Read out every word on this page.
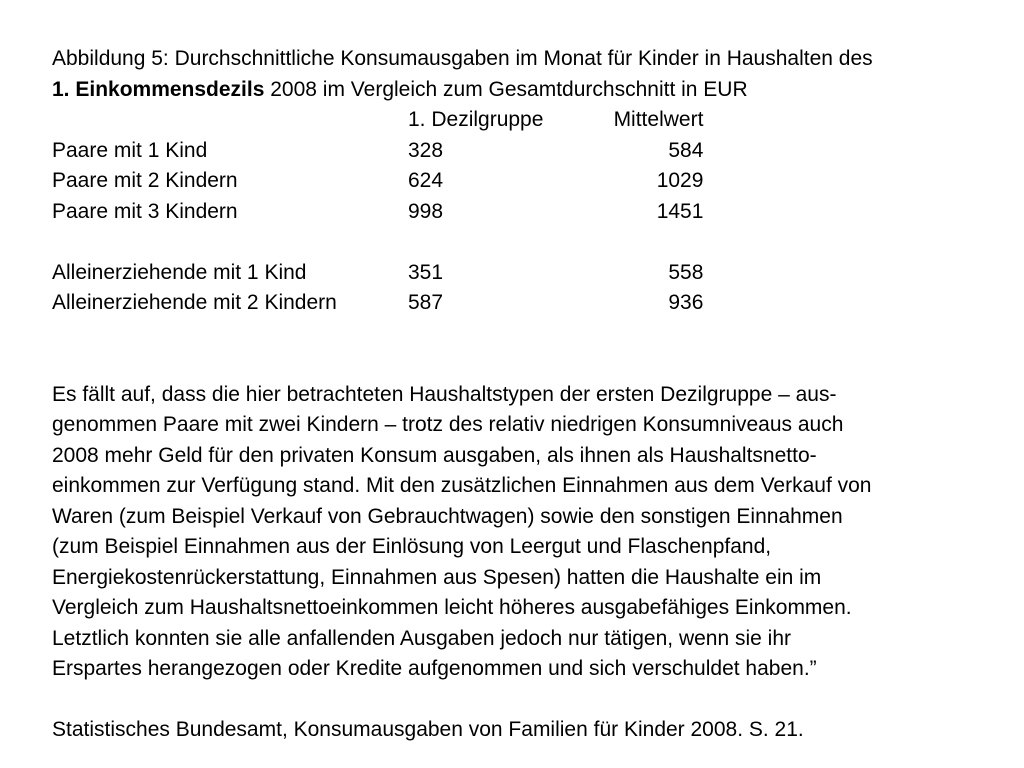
Abbildung 5: Durchschnittliche Konsumausgaben im Monat für Kinder in Haushalten des
1. Einkommensdezils 2008 im Vergleich zum Gesamtdurchschnitt in EUR
	1. Dezilgruppe	Mittelwert
Paare mit 1 Kind	328	584
Paare mit 2 Kindern	624	1029
Paare mit 3 Kindern	998	1451

Alleinerziehende mit 1 Kind	351	558
Alleinerziehende mit 2 Kindern	587	936

Es fällt auf, dass die hier betrachteten Haushaltstypen der ersten Dezilgruppe – aus-

genommen Paare mit zwei Kindern – trotz des relativ niedrigen Konsumniveaus auch

2008 mehr Geld für den privaten Konsum ausgaben, als ihnen als Haushaltsnetto-

einkommen zur Verfügung stand. Mit den zusätzlichen Einnahmen aus dem Verkauf von

Waren (zum Beispiel Verkauf von Gebrauchtwagen) sowie den sonstigen Einnahmen

(zum Beispiel Einnahmen aus der Einlösung von Leergut und Flaschenpfand,

Energiekostenrückerstattung, Einnahmen aus Spesen) hatten die Haushalte ein im

Vergleich zum Haushaltsnettoeinkommen leicht höheres ausgabefähiges Einkommen.

Letztlich konnten sie alle anfallenden Ausgaben jedoch nur tätigen, wenn sie ihr

Erspartes herangezogen oder Kredite aufgenommen und sich verschuldet haben.”

Statistisches Bundesamt, Konsumausgaben von Familien für Kinder 2008. S. 21.
